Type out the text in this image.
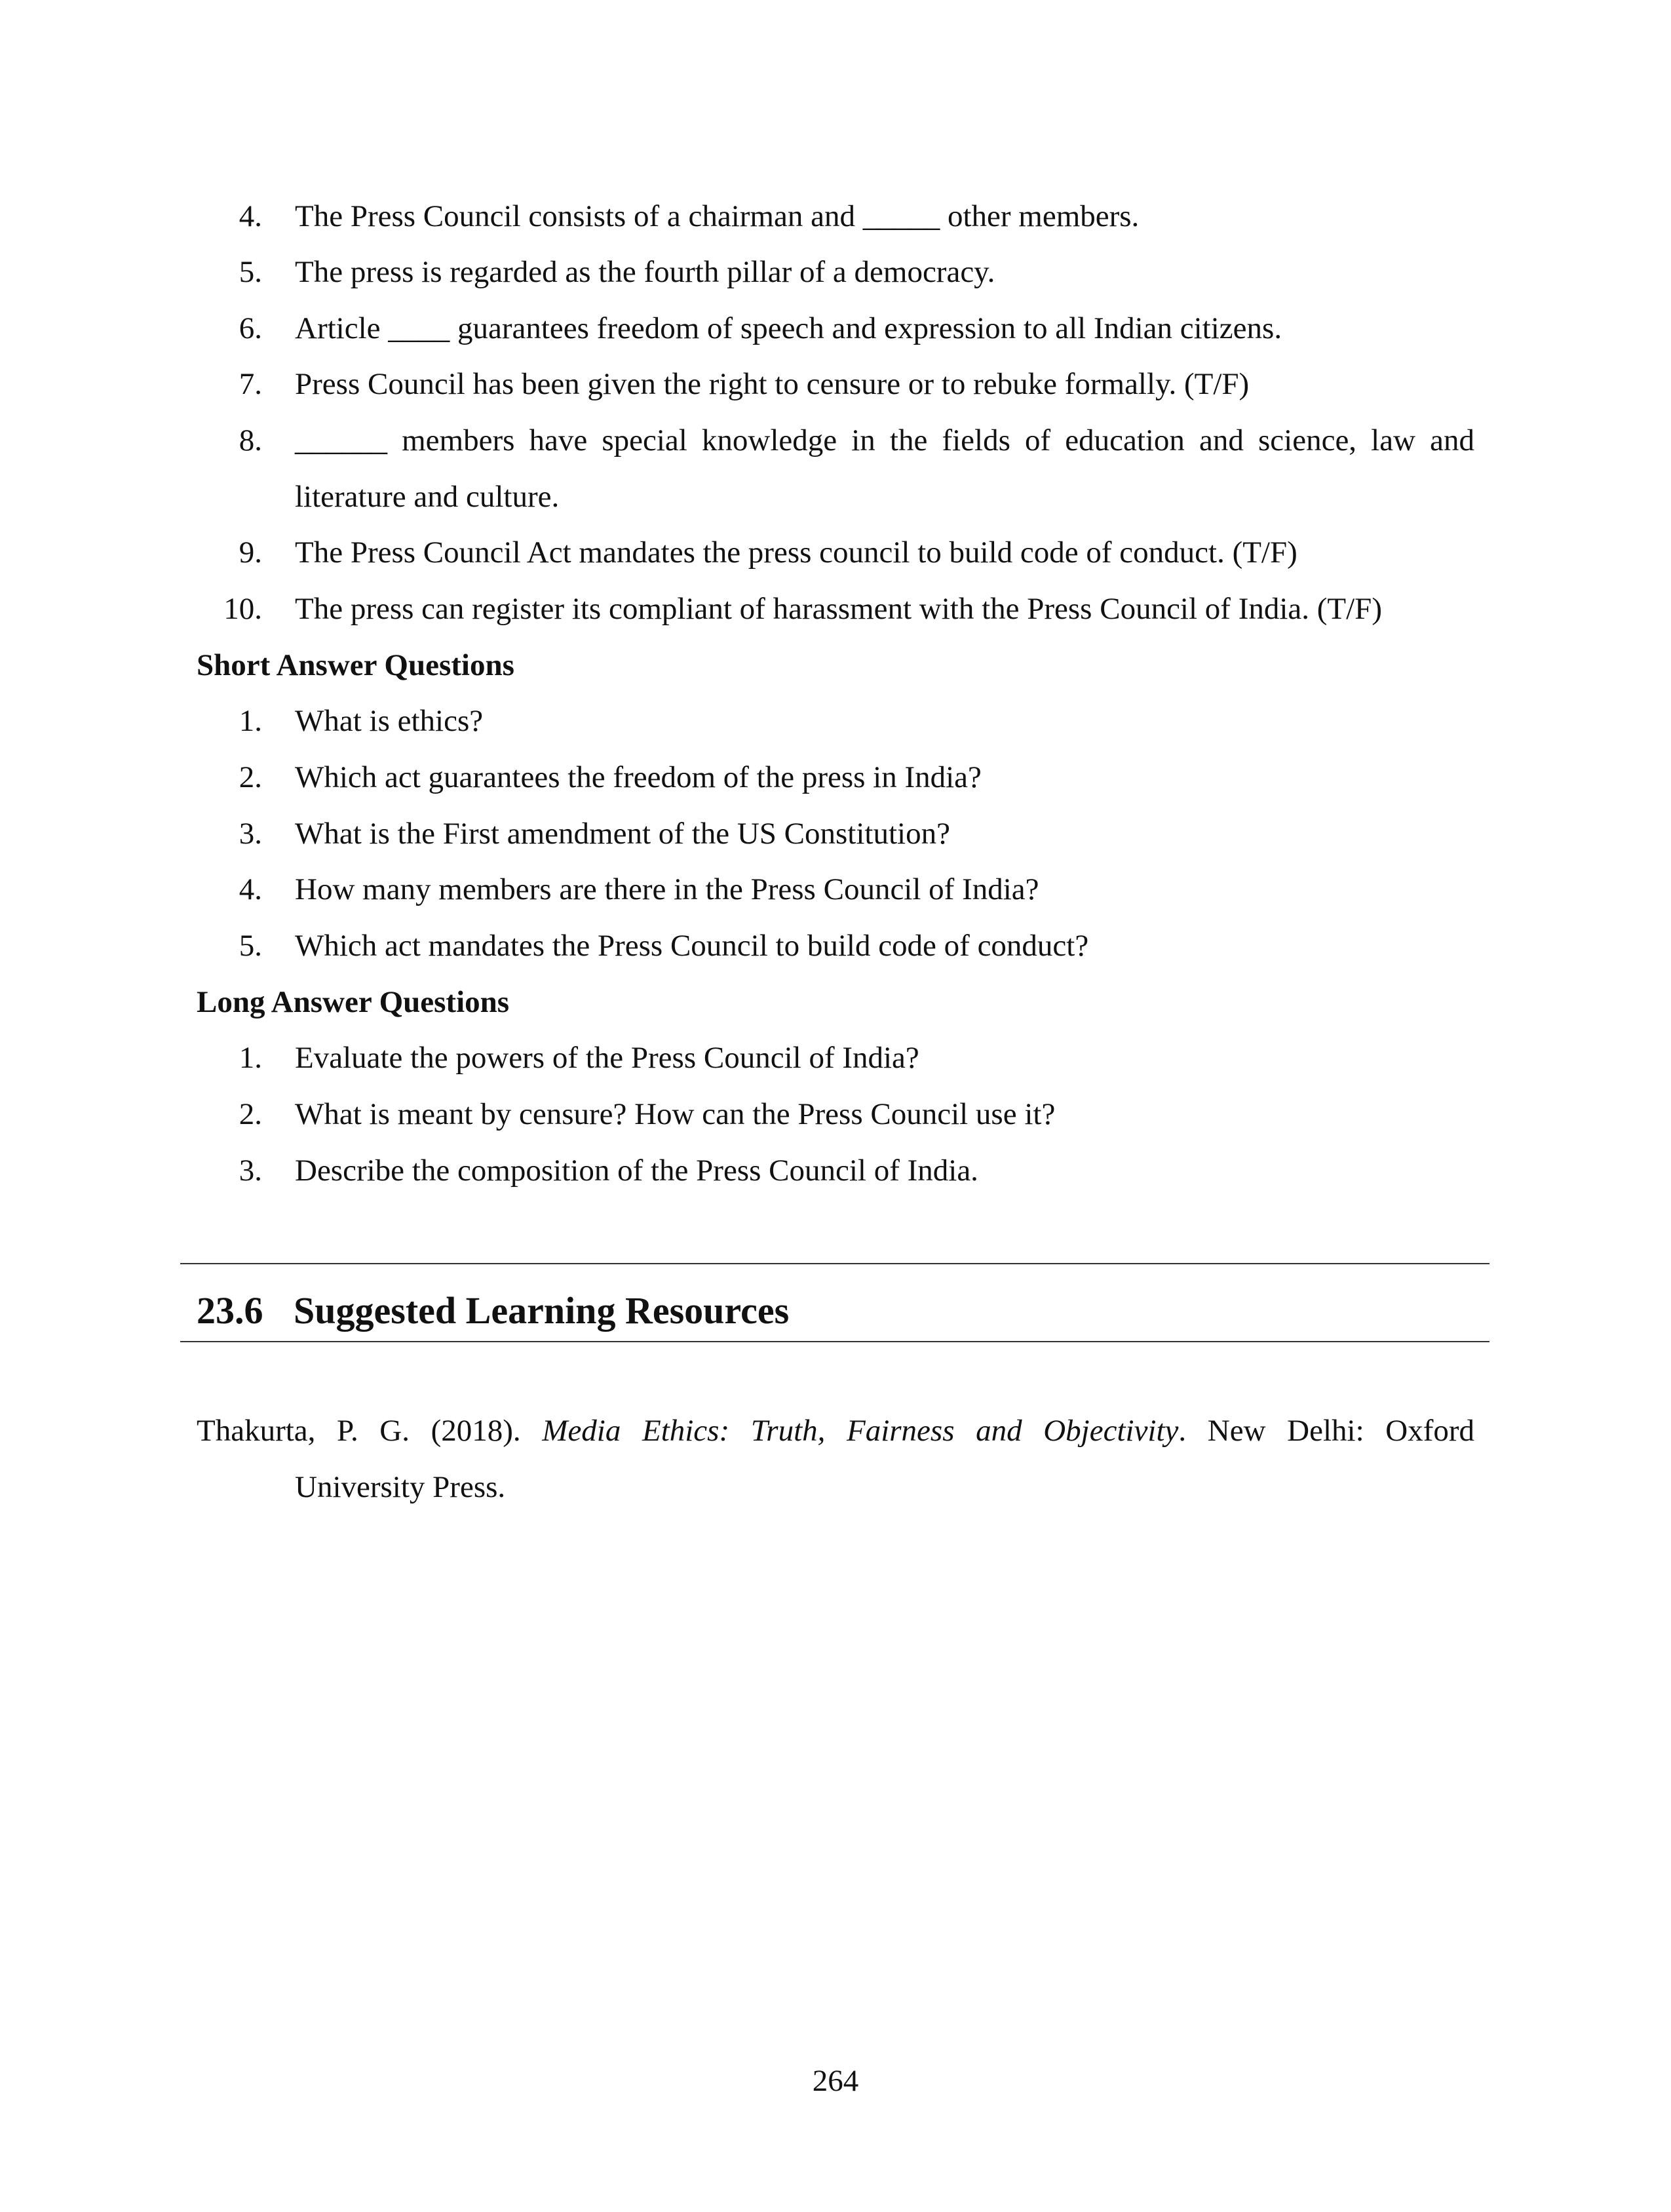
4. The Press Council consists of a chairman and _____ other members.
5. The press is regarded as the fourth pillar of a democracy.
6. Article ____ guarantees freedom of speech and expression to all Indian citizens.
7. Press Council has been given the right to censure or to rebuke formally. (T/F)
8. ______ members have special knowledge in the fields of education and science, law and
literature and culture.
9. The Press Council Act mandates the press council to build code of conduct. (T/F)
10. The press can register its compliant of harassment with the Press Council of India. (T/F)
Short Answer Questions
1. What is ethics?
2. Which act guarantees the freedom of the press in India?
3. What is the First amendment of the US Constitution?
4. How many members are there in the Press Council of India?
5. Which act mandates the Press Council to build code of conduct?
Long Answer Questions
1. Evaluate the powers of the Press Council of India?
2. What is meant by censure? How can the Press Council use it?
3. Describe the composition of the Press Council of India.
23.6 Suggested Learning Resources
Thakurta, P. G. (2018). Media Ethics: Truth, Fairness and Objectivity. New Delhi: Oxford
University Press.
264
